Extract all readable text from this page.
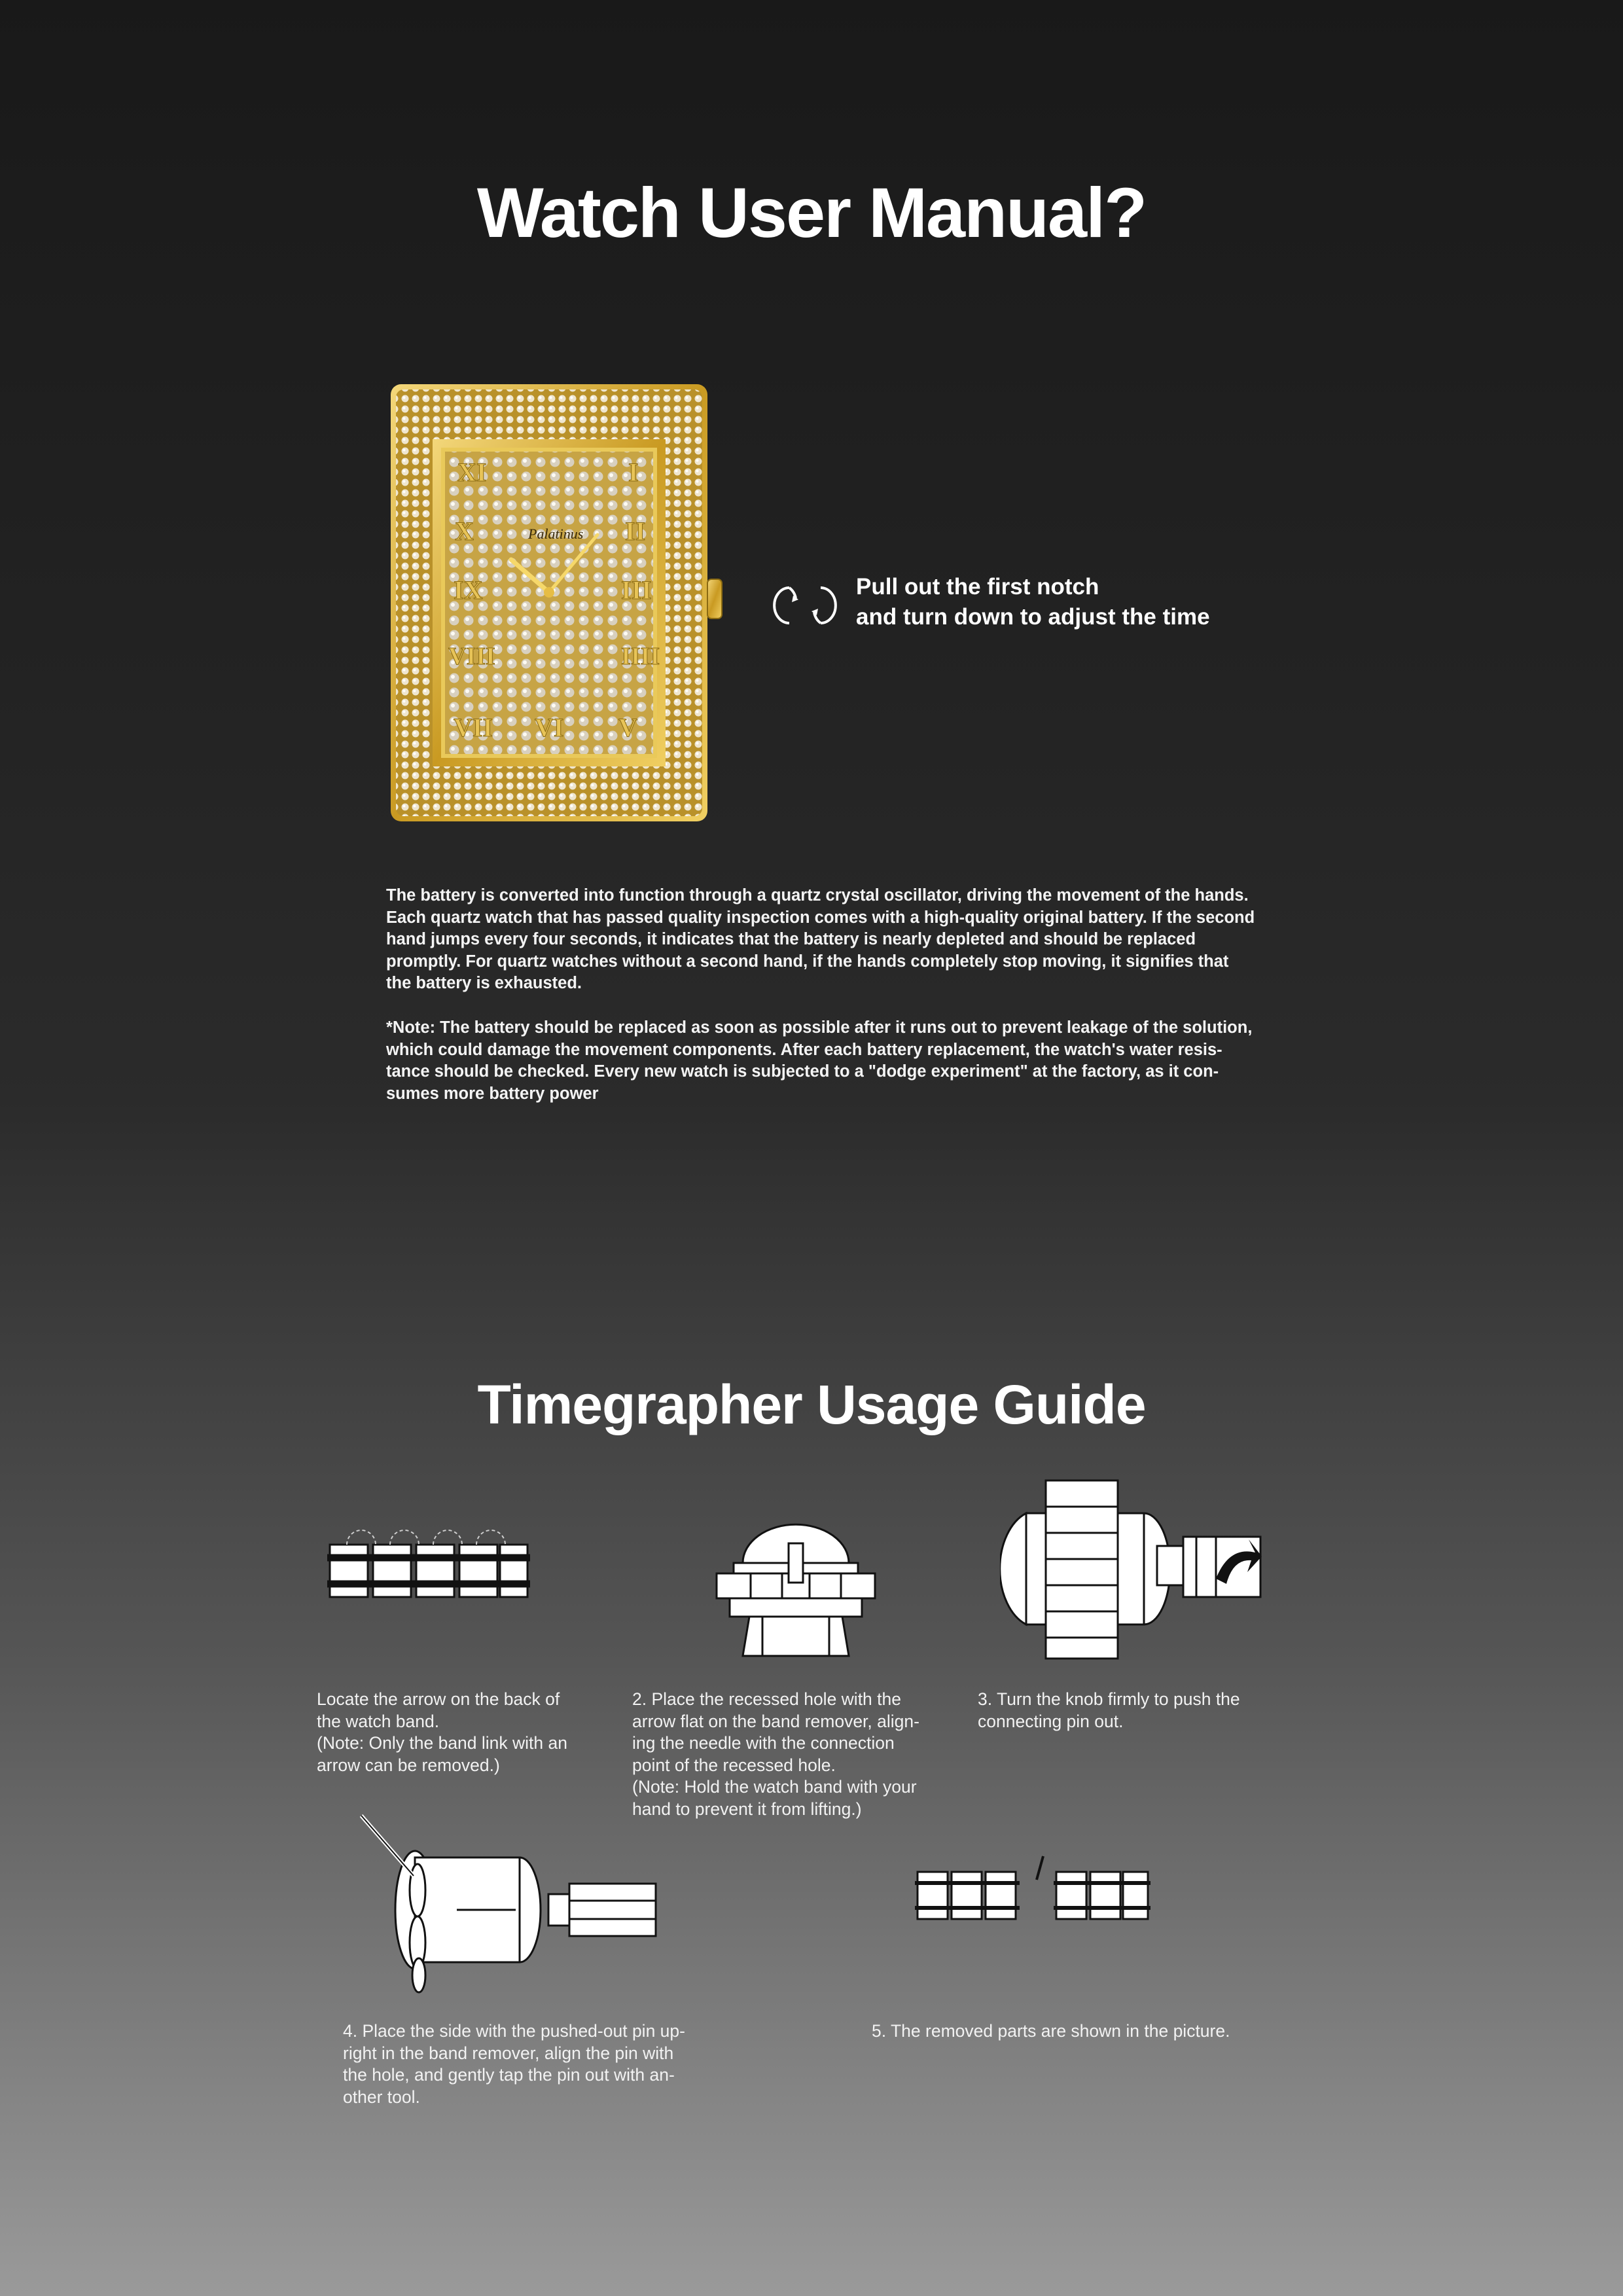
Watch User Manual?
XI	I
X	II
IX	III
VIII	IIII
VII VI V
Palatinus
Pull out the first notch
and turn down to adjust the time
The battery is converted into function through a quartz crystal oscillator, driving the movement of the hands.
Each quartz watch that has passed quality inspection comes with a high-quality original battery. If the second
hand jumps every four seconds, it indicates that the battery is nearly depleted and should be replaced
promptly. For quartz watches without a second hand, if the hands completely stop moving, it signifies that
the battery is exhausted.
*Note: The battery should be replaced as soon as possible after it runs out to prevent leakage of the solution,
which could damage the movement components. After each battery replacement, the watch's water resis-
tance should be checked. Every new watch is subjected to a "dodge experiment" at the factory, as it con-
sumes more battery power
Timegrapher Usage Guide
Locate the arrow on the back of
the watch band.
(Note: Only the band link with an
arrow can be removed.)
2. Place the recessed hole with the
arrow flat on the band remover, align-
ing the needle with the connection
point of the recessed hole.
(Note: Hold the watch band with your
hand to prevent it from lifting.)
3. Turn the knob firmly to push the
connecting pin out.
4. Place the side with the pushed-out pin up-
right in the band remover, align the pin with
the hole, and gently tap the pin out with an-
other tool.
5. The removed parts are shown in the picture.
